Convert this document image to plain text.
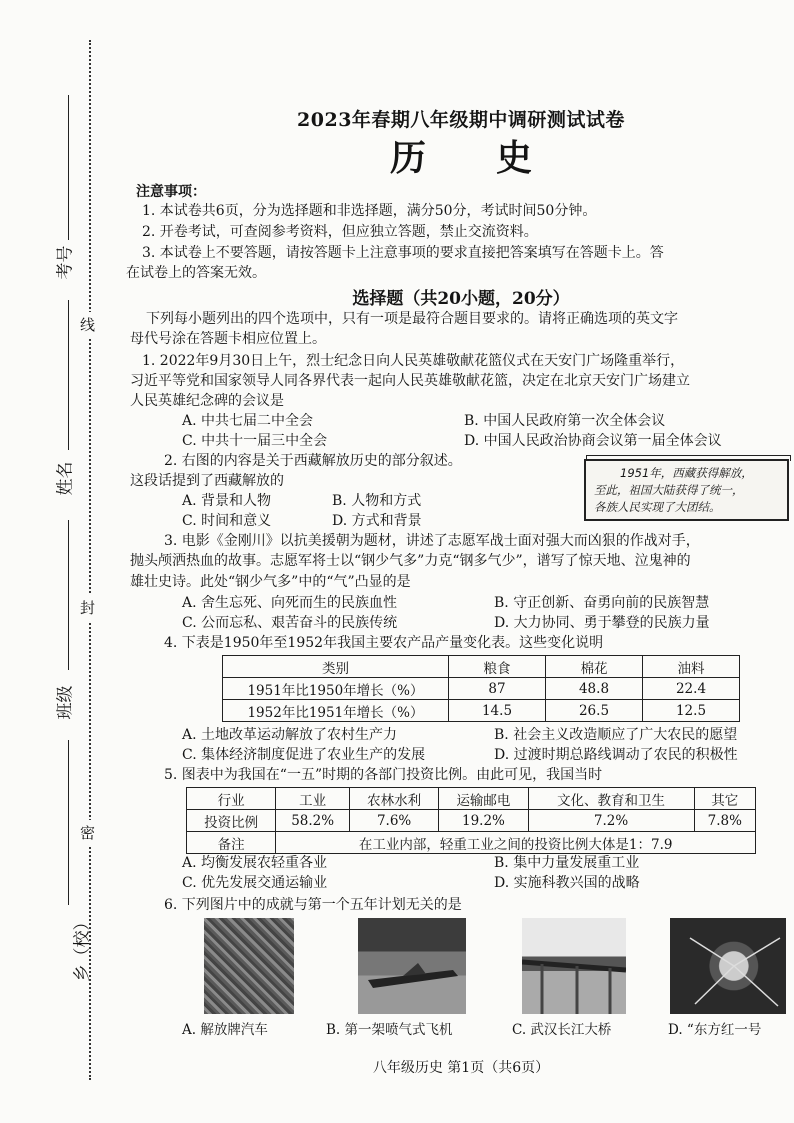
线
封
密
考号
姓名
班级
乡（校）
2023年春期八年级期中调研测试试卷
历史
注意事项：
1. 本试卷共6页，分为选择题和非选择题，满分50分，考试时间50分钟。
2. 开卷考试，可查阅参考资料，但应独立答题，禁止交流资料。
3. 本试卷上不要答题，请按答题卡上注意事项的要求直接把答案填写在答题卡上。答
在试卷上的答案无效。
选择题（共20小题，20分）
下列每小题列出的四个选项中，只有一项是最符合题目要求的。请将正确选项的英文字
母代号涂在答题卡相应位置上。
1. 2022年9月30日上午，烈士纪念日向人民英雄敬献花篮仪式在天安门广场隆重举行，
习近平等党和国家领导人同各界代表一起向人民英雄敬献花篮，决定在北京天安门广场建立
人民英雄纪念碑的会议是
A. 中共七届二中全会	B. 中国人民政府第一次全体会议
C. 中共十一届三中全会	D. 中国人民政治协商会议第一届全体会议
2. 右图的内容是关于西藏解放历史的部分叙述。
这段话提到了西藏解放的
A. 背景和人物	B. 人物和方式
C. 时间和意义	D. 方式和背景
1951年，西藏获得解放，
至此，祖国大陆获得了统一，
各族人民实现了大团结。
3. 电影《金刚川》以抗美援朝为题材，讲述了志愿军战士面对强大而凶狠的作战对手，
抛头颅洒热血的故事。志愿军将士以“钢少气多”力克“钢多气少”，谱写了惊天地、泣鬼神的
雄壮史诗。此处“钢少气多”中的“气”凸显的是
A. 舍生忘死、向死而生的民族血性	B. 守正创新、奋勇向前的民族智慧
C. 公而忘私、艰苦奋斗的民族传统	D. 大力协同、勇于攀登的民族力量
4. 下表是1950年至1952年我国主要农产品产量变化表。这些变化说明
类别	粮食	棉花	油料
1951年比1950年增长（%）	87	48.8	22.4
1952年比1951年增长（%）	14.5	26.5	12.5
A. 土地改革运动解放了农村生产力	B. 社会主义改造顺应了广大农民的愿望
C. 集体经济制度促进了农业生产的发展	D. 过渡时期总路线调动了农民的积极性
5. 图表中为我国在“一五”时期的各部门投资比例。由此可见，我国当时
行业	工业	农林水利	运输邮电	文化、教育和卫生	其它
投资比例	58.2%	7.6%	19.2%	7.2%	7.8%
备注	在工业内部，轻重工业之间的投资比例大体是1：7.9				
A. 均衡发展农轻重各业	B. 集中力量发展重工业
C. 优先发展交通运输业	D. 实施科教兴国的战略
6. 下列图片中的成就与第一个五年计划无关的是
A. 解放牌汽车	B. 第一架喷气式飞机	C. 武汉长江大桥	D. “东方红一号
八年级历史 第1页（共6页）
